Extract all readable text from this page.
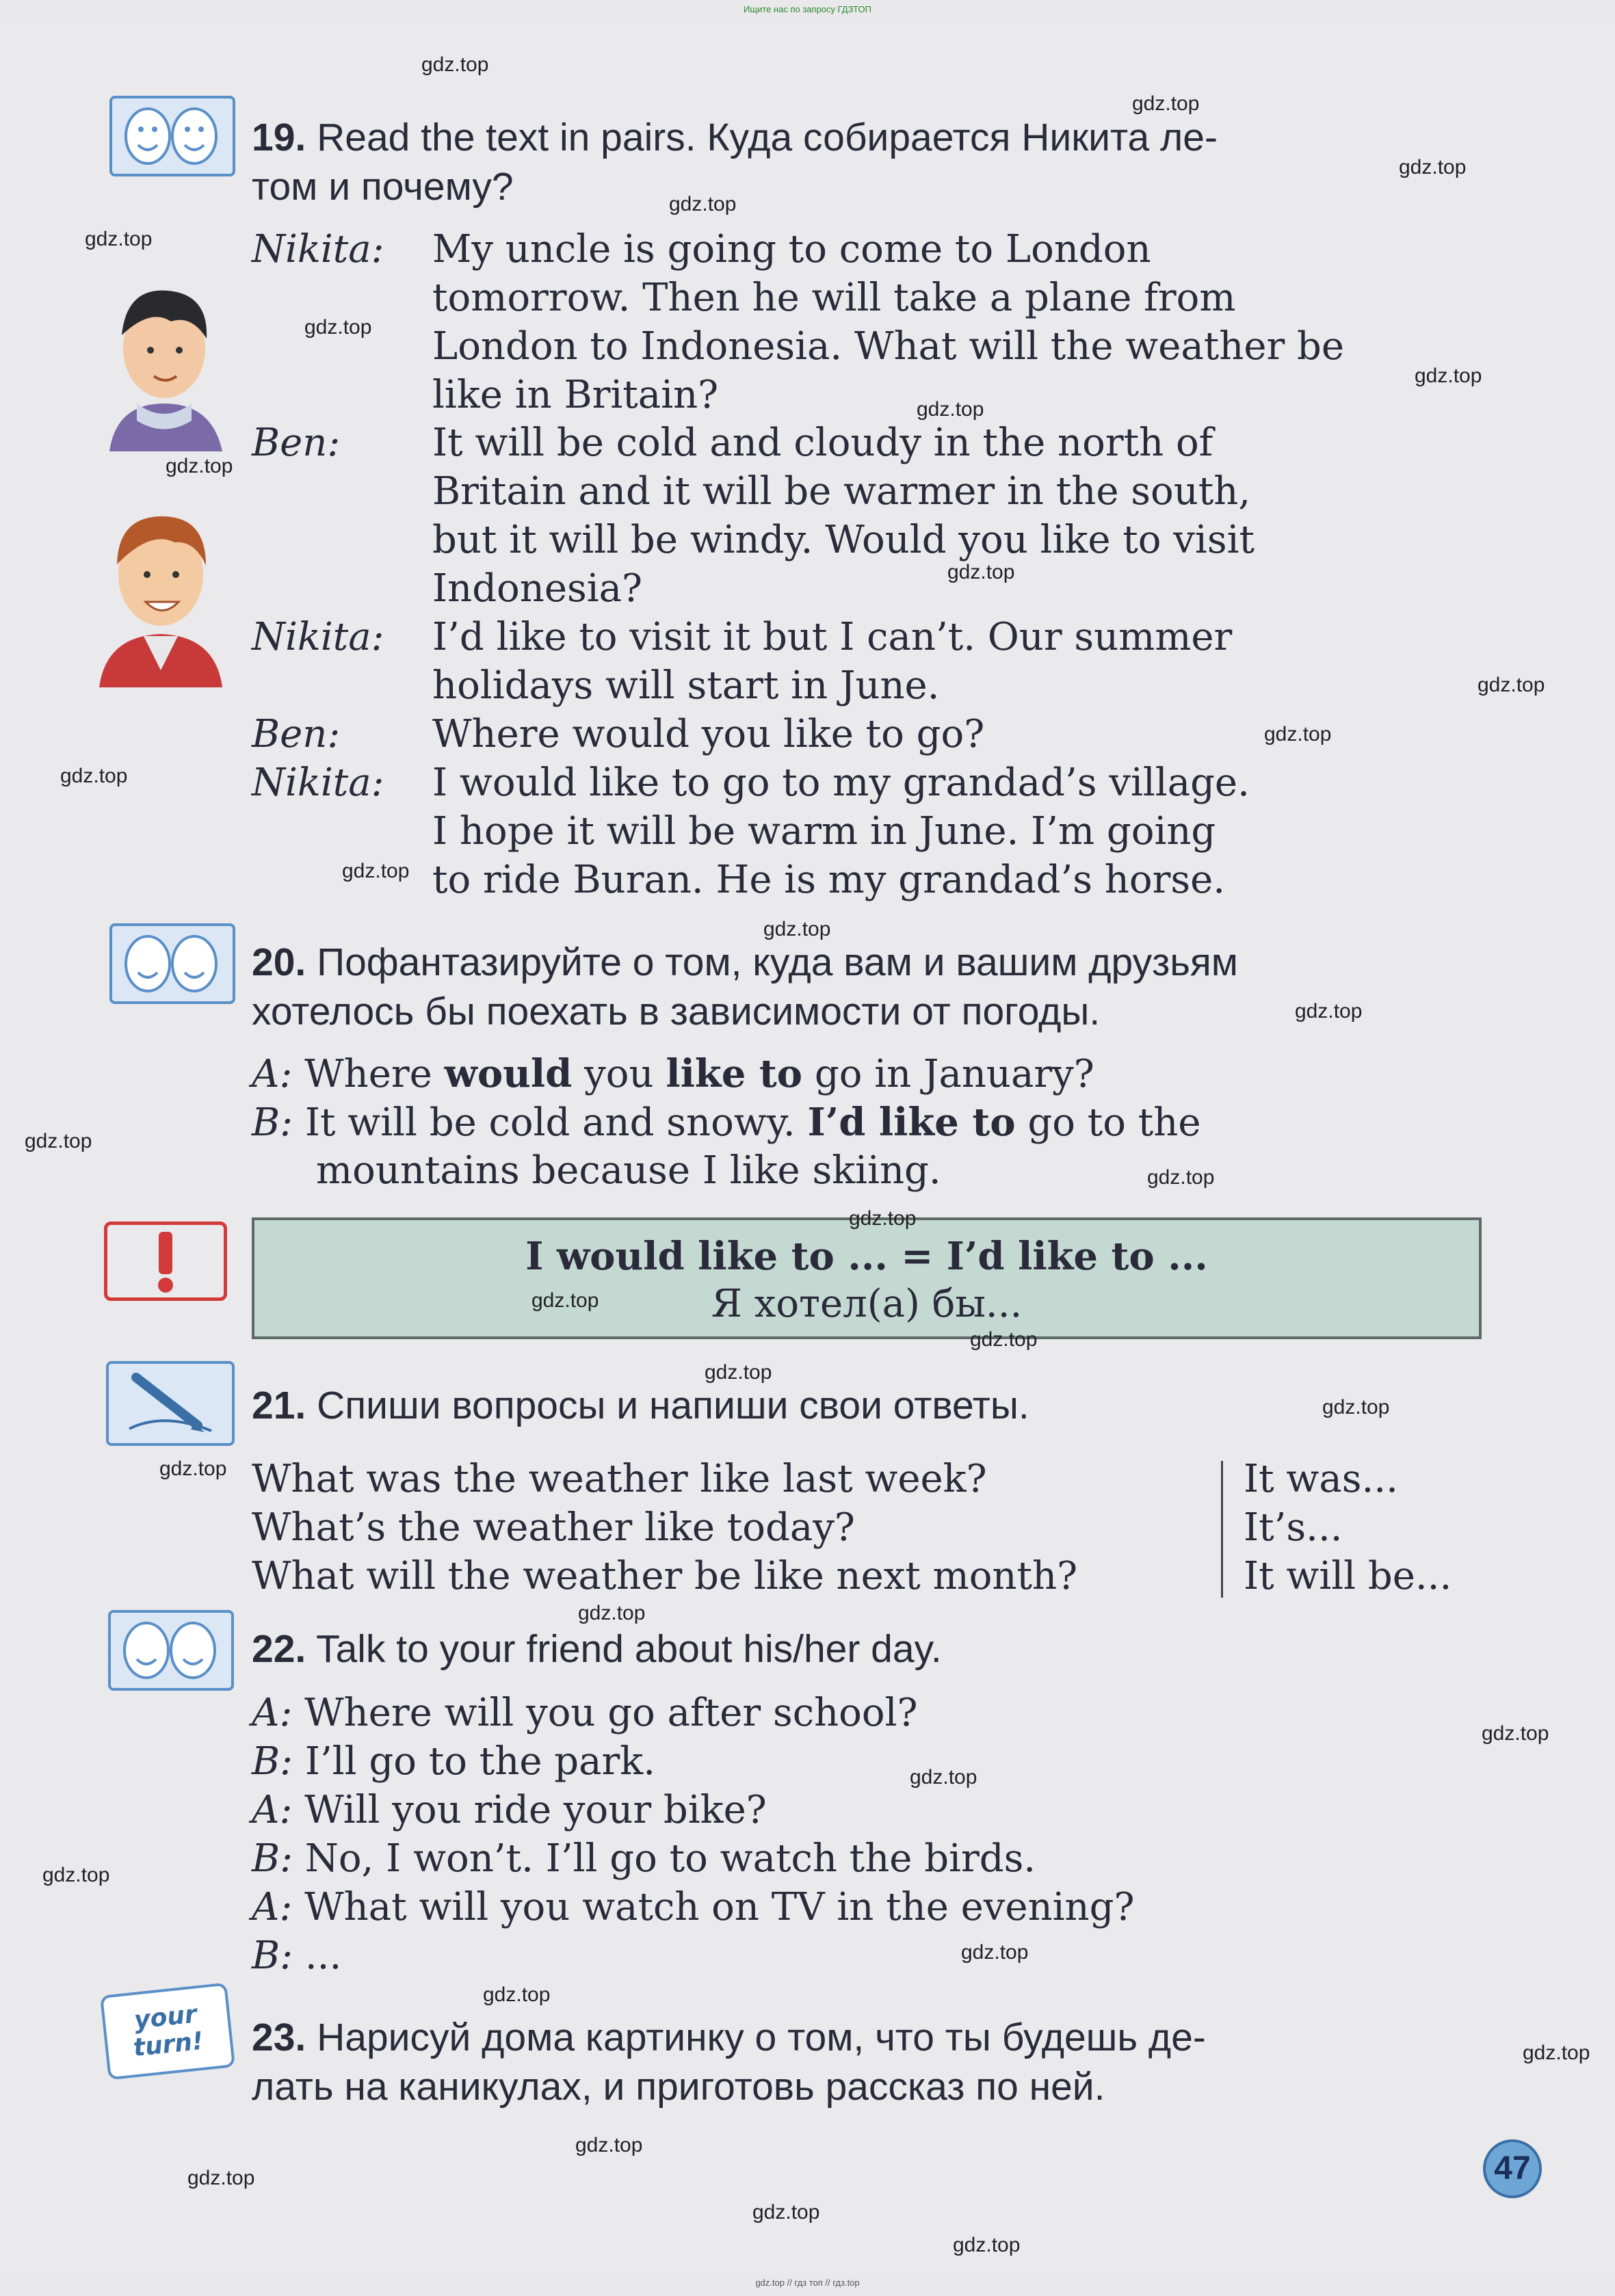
Ищите нас по запросу ГДЗТОП
19. Read the text in pairs. Куда собирается Никита ле-
том и почему?
Nikita:
Ben:
Nikita:
Ben:
Nikita:
My uncle is going to come to London
tomorrow. Then he will take a plane from
London to Indonesia. What will the weather be
like in Britain?
It will be cold and cloudy in the north of
Britain and it will be warmer in the south,
but it will be windy. Would you like to visit
Indonesia?
I’d like to visit it but I can’t. Our summer
holidays will start in June.
Where would you like to go?
I would like to go to my grandad’s village.
I hope it will be warm in June. I’m going
to ride Buran. He is my grandad’s horse.
20. Пофантазируйте о том, куда вам и вашим друзьям
хотелось бы поехать в зависимости от погоды.
A: Where would you like to go in January?
B: It will be cold and snowy. I’d like to go to the
mountains because I like skiing.
I would like to ... = I’d like to ...
Я хотел(а) бы...
21. Спиши вопросы и напиши свои ответы.
What was the weather like last week?
What’s the weather like today?
What will the weather be like next month?
It was...
It’s...
It will be...
22. Talk to your friend about his/her day.
A: Where will you go after school?
B: I’ll go to the park.
A: Will you ride your bike?
B: No, I won’t. I’ll go to watch the birds.
A: What will you watch on TV in the evening?
B: ...
your turn!	23. Нарисуй дома картинку о том, что ты будешь де-
лать на каникулах, и приготовь рассказ по ней.
47
gdz.top
gdz.top
gdz.top
gdz.top
gdz.top
gdz.top
gdz.top
gdz.top
gdz.top
gdz.top
gdz.top
gdz.top
gdz.top
gdz.top
gdz.top
gdz.top
gdz.top
gdz.top
gdz.top
gdz.top
gdz.top
gdz.top
gdz.top
gdz.top
gdz.top
gdz.top
gdz.top
gdz.top
gdz.top
gdz.top
gdz.top
gdz.top
gdz.top
gdz.top
gdz.top
gdz.top // гдз топ // гдз.top
